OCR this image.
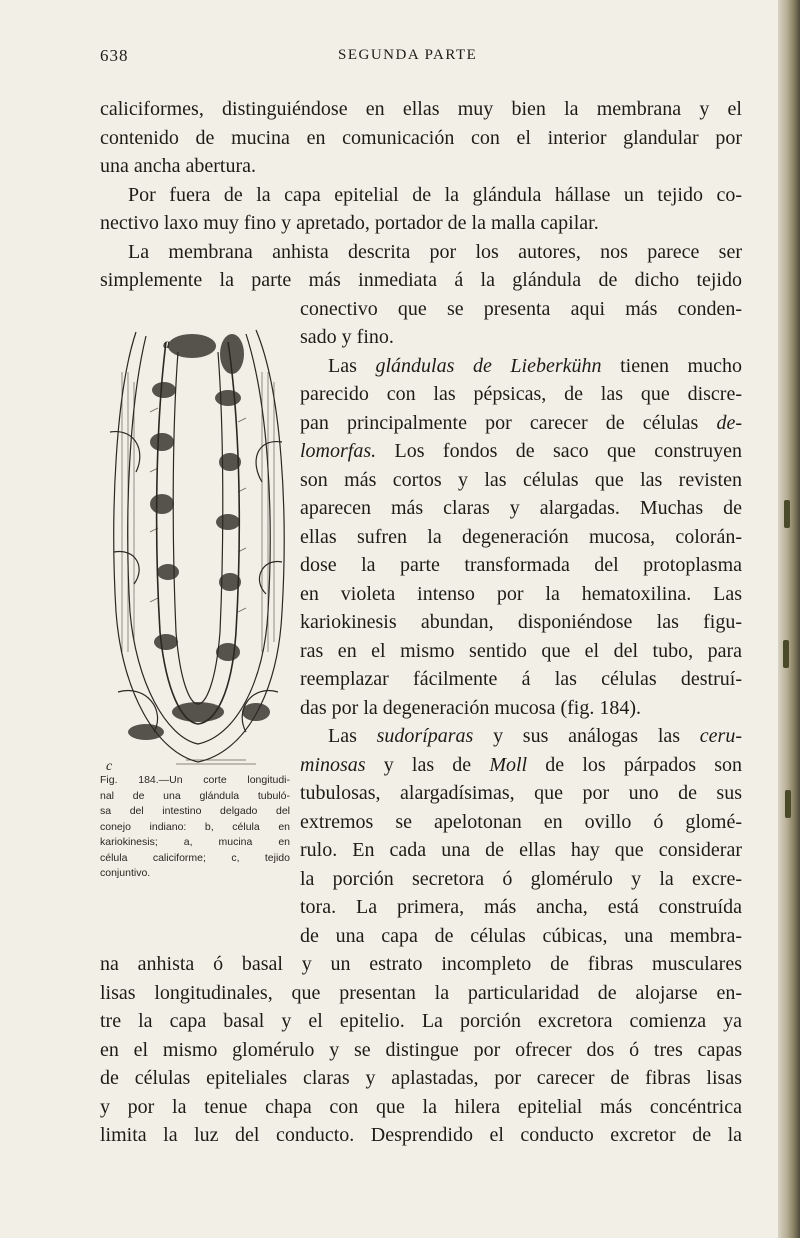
638	SEGUNDA PARTE

caliciformes, distinguiéndose en ellas muy bien la membrana y el

contenido de mucina en comunicación con el interior glandular por

una ancha abertura.

Por fuera de la capa epitelial de la glándula hállase un tejido co-

nectivo laxo muy fino y apretado, portador de la malla capilar.

La membrana anhista descrita por los autores, nos parece ser

simplemente la parte más inmediata á la glándula de dicho tejido

conectivo que se presenta aqui más conden-

sado y fino.

Las glándulas de Lieberkühn tienen mucho

parecido con las pépsicas, de las que discre-

pan principalmente por carecer de células de-

lomorfas. Los fondos de saco que construyen

son más cortos y las células que las revisten

aparecen más claras y alargadas. Muchas de

ellas sufren la degeneración mucosa, colorán-

dose la parte transformada del protoplasma

en violeta intenso por la hematoxilina. Las

kariokinesis abundan, disponiéndose las figu-

ras en el mismo sentido que el del tubo, para

reemplazar fácilmente á las células destruí-

das por la degeneración mucosa (fig. 184).

Las sudoríparas y sus análogas las ceru-

minosas y las de Moll de los párpados son

tubulosas, alargadísimas, que por uno de sus

extremos se apelotonan en ovillo ó glomé-

rulo. En cada una de ellas hay que considerar

la porción secretora ó glomérulo y la excre-

tora. La primera, más ancha, está construída

de una capa de células cúbicas, una membra-

na anhista ó basal y un estrato incompleto de fibras musculares

lisas longitudinales, que presentan la particularidad de alojarse en-

tre la capa basal y el epitelio. La porción excretora comienza ya

en el mismo glomérulo y se distingue por ofrecer dos ó tres capas

de células epiteliales claras y aplastadas, por carecer de fibras lisas

y por la tenue chapa con que la hilera epitelial más concéntrica

limita la luz del conducto. Desprendido el conducto excretor de la

a
c
Fig. 184.—Un corte longitudi-
nal de una glándula tubuló-
sa del intestino delgado del
conejo indiano: b, célula en
kariokinesis; a, mucina en
célula caliciforme; c, tejido
conjuntivo.
